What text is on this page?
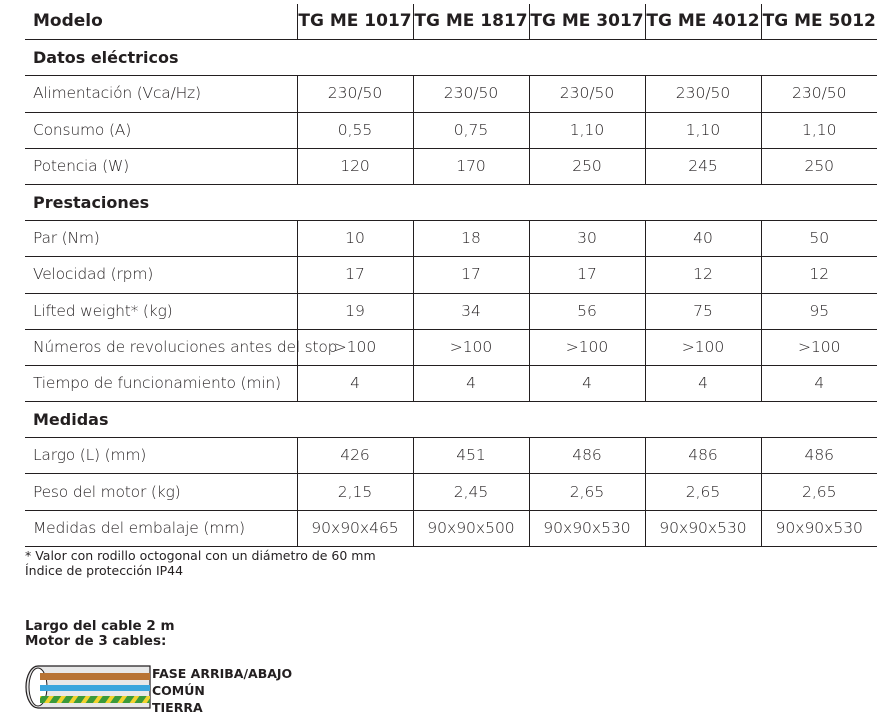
Modelo	TG ME 1017	TG ME 1817	TG ME 3017	TG ME 4012	TG ME 5012
Datos eléctricos					
Alimentación (Vca/Hz)	230/50	230/50	230/50	230/50	230/50
Consumo (A)	0,55	0,75	1,10	1,10	1,10
Potencia (W)	120	170	250	245	250
Prestaciones					
Par (Nm)	10	18	30	40	50
Velocidad (rpm)	17	17	17	12	12
Lifted weight* (kg)	19	34	56	75	95
Números de revoluciones antes del stop	>100	>100	>100	>100	>100
Tiempo de funcionamiento (min)	4	4	4	4	4
Medidas					
Largo (L) (mm)	426	451	486	486	486
Peso del motor (kg)	2,15	2,45	2,65	2,65	2,65
Medidas del embalaje (mm)	90x90x465	90x90x500	90x90x530	90x90x530	90x90x530
* Valor con rodillo octogonal con un diámetro de 60 mm
Índice de protección IP44
Largo del cable 2 m
Motor de 3 cables:
FASE ARRIBA/ABAJO
COMÚN
TIERRA
